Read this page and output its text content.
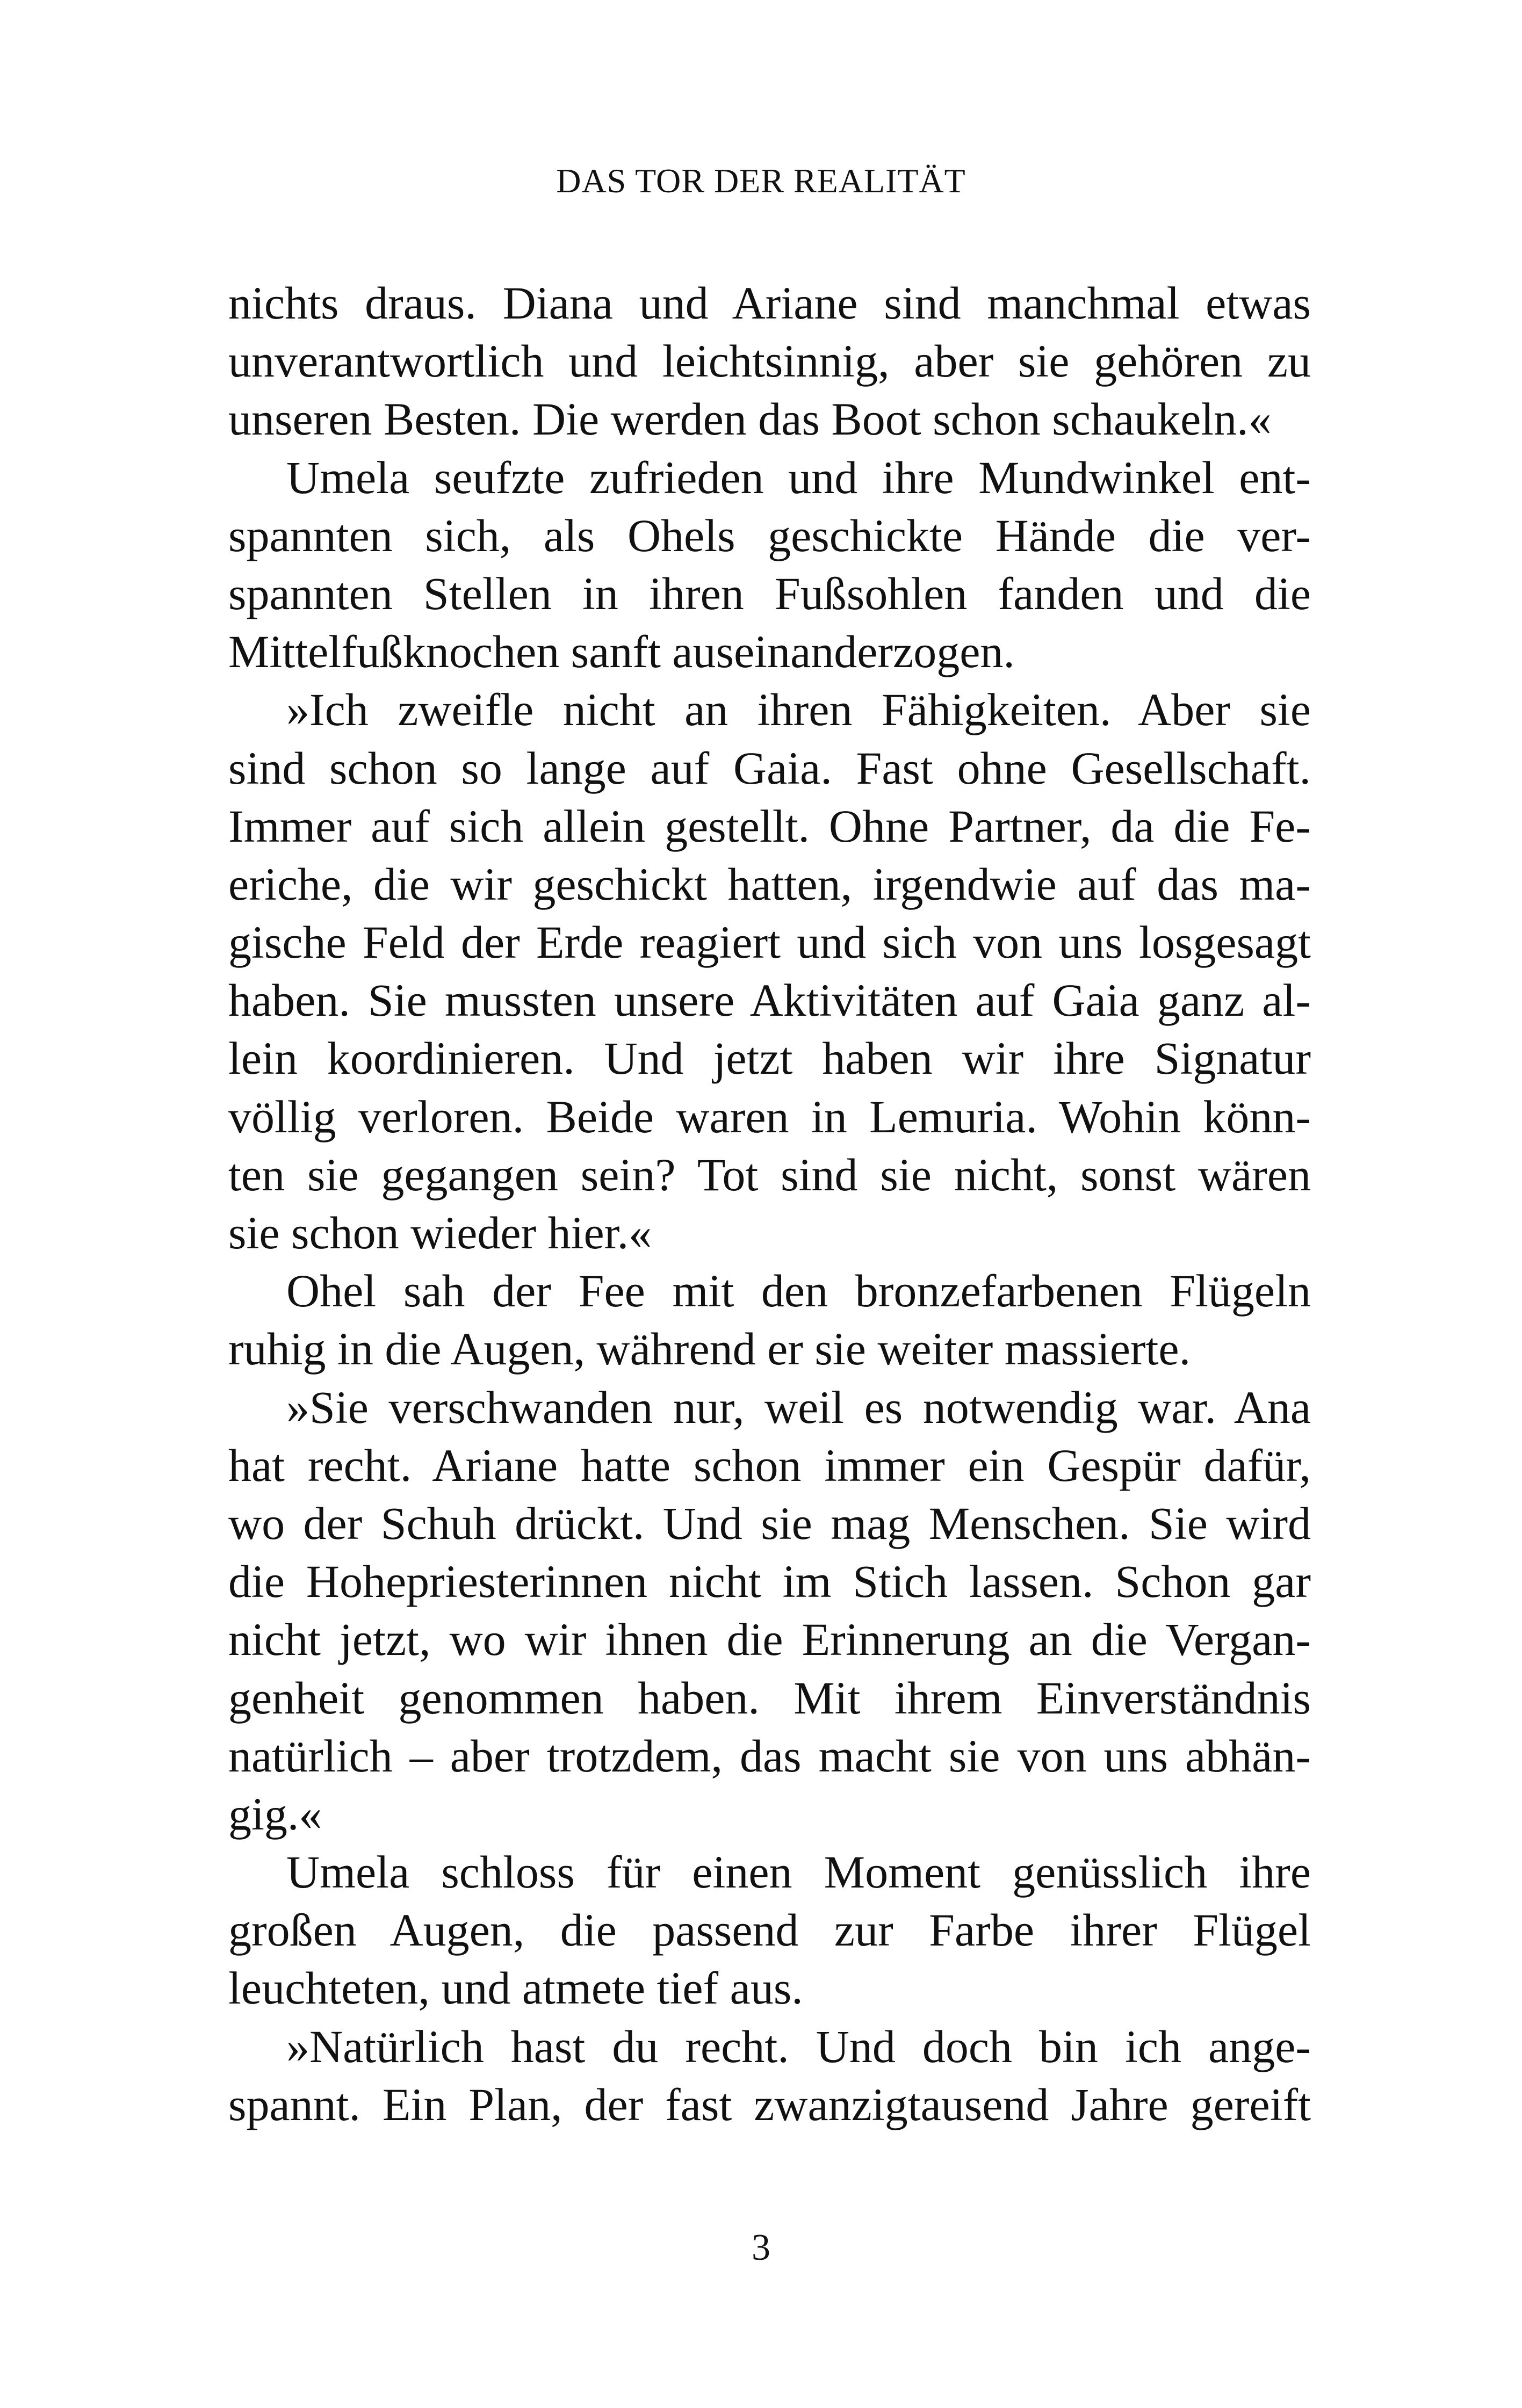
DAS TOR DER REALITÄT
nichts draus. Diana und Ariane sind manchmal etwas
unverantwortlich und leichtsinnig, aber sie gehören zu
unseren Besten. Die werden das Boot schon schaukeln.«
Umela seufzte zufrieden und ihre Mundwinkel ent-
spannten sich, als Ohels geschickte Hände die ver-
spannten Stellen in ihren Fußsohlen fanden und die
Mittelfußknochen sanft auseinanderzogen.
»Ich zweifle nicht an ihren Fähigkeiten. Aber sie
sind schon so lange auf Gaia. Fast ohne Gesellschaft.
Immer auf sich allein gestellt. Ohne Partner, da die Fe-
eriche, die wir geschickt hatten, irgendwie auf das ma-
gische Feld der Erde reagiert und sich von uns losgesagt
haben. Sie mussten unsere Aktivitäten auf Gaia ganz al-
lein koordinieren. Und jetzt haben wir ihre Signatur
völlig verloren. Beide waren in Lemuria. Wohin könn-
ten sie gegangen sein? Tot sind sie nicht, sonst wären
sie schon wieder hier.«
Ohel sah der Fee mit den bronzefarbenen Flügeln
ruhig in die Augen, während er sie weiter massierte.
»Sie verschwanden nur, weil es notwendig war. Ana
hat recht. Ariane hatte schon immer ein Gespür dafür,
wo der Schuh drückt. Und sie mag Menschen. Sie wird
die Hohepriesterinnen nicht im Stich lassen. Schon gar
nicht jetzt, wo wir ihnen die Erinnerung an die Vergan-
genheit genommen haben. Mit ihrem Einverständnis
natürlich – aber trotzdem, das macht sie von uns abhän-
gig.«
Umela schloss für einen Moment genüsslich ihre
großen Augen, die passend zur Farbe ihrer Flügel
leuchteten, und atmete tief aus.
»Natürlich hast du recht. Und doch bin ich ange-
spannt. Ein Plan, der fast zwanzigtausend Jahre gereift
3
